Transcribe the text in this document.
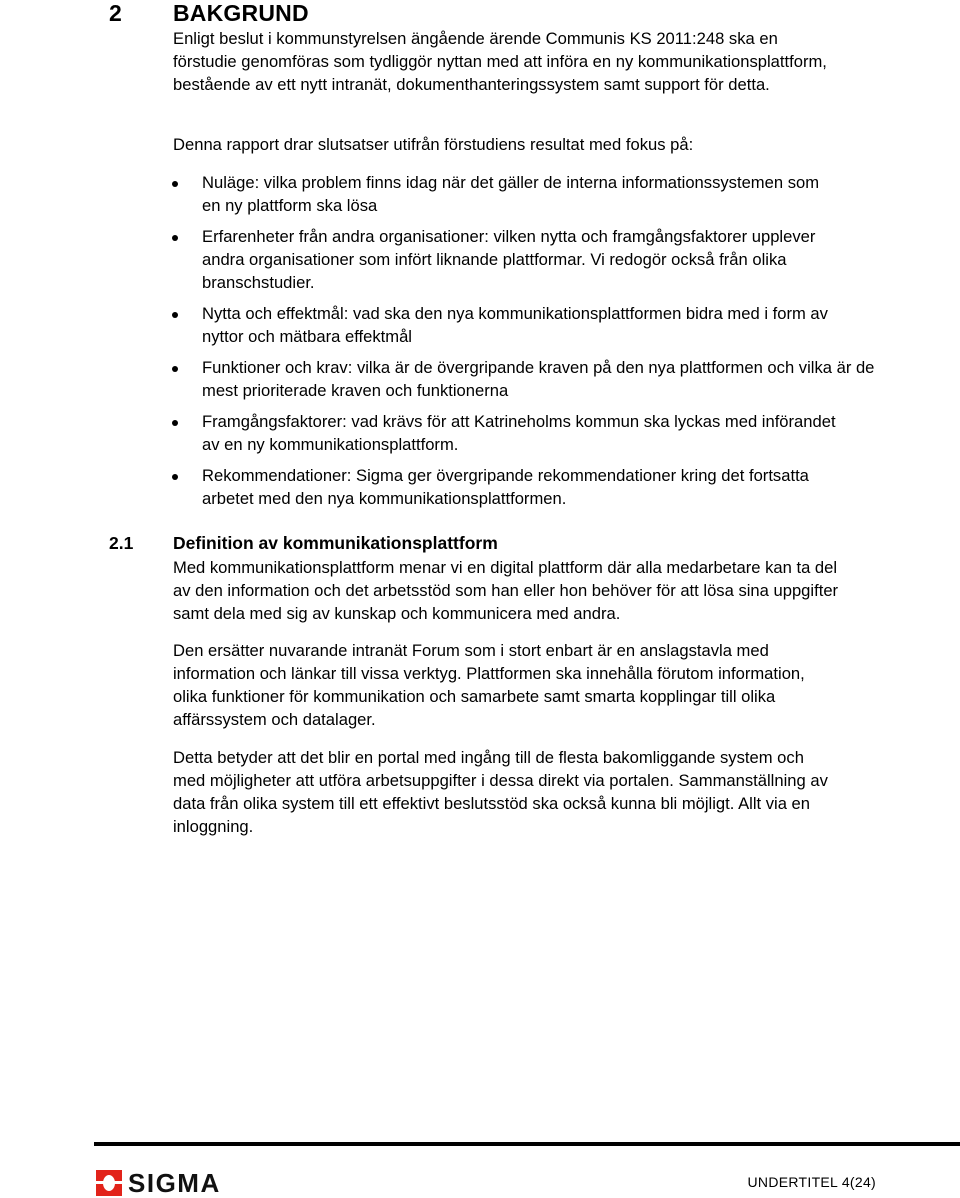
2 BAKGRUND

Enligt beslut i kommunstyrelsen ängående ärende Communis KS 2011:248 ska en förstudie genomföras som tydliggör nyttan med att införa en ny kommunikationsplattform, bestående av ett nytt intranät, dokumenthanteringssystem samt support för detta.

Denna rapport drar slutsatser utifrån förstudiens resultat med fokus på:

Nuläge: vilka problem finns idag när det gäller de interna informationssystemen som en ny plattform ska lösa
Erfarenheter från andra organisationer: vilken nytta och framgångsfaktorer upplever andra organisationer som infört liknande plattformar. Vi redogör också från olika branschstudier.
Nytta och effektmål: vad ska den nya kommunikationsplattformen bidra med i form av nyttor och mätbara effektmål
Funktioner och krav: vilka är de övergripande kraven på den nya plattformen och vilka är de mest prioriterade kraven och funktionerna
Framgångsfaktorer: vad krävs för att Katrineholms kommun ska lyckas med införandet av en ny kommunikationsplattform.
Rekommendationer: Sigma ger övergripande rekommendationer kring det fortsatta arbetet med den nya kommunikationsplattformen.
2.1 Definition av kommunikationsplattform

Med kommunikationsplattform menar vi en digital plattform där alla medarbetare kan ta del av den information och det arbetsstöd som han eller hon behöver för att lösa sina uppgifter samt dela med sig av kunskap och kommunicera med andra.

Den ersätter nuvarande intranät Forum som i stort enbart är en anslagstavla med information och länkar till vissa verktyg. Plattformen ska innehålla förutom information, olika funktioner för kommunikation och samarbete samt smarta kopplingar till olika affärssystem och datalager.

Detta betyder att det blir en portal med ingång till de flesta bakomliggande system och med möjligheter att utföra arbetsuppgifter i dessa direkt via portalen. Sammanställning av data från olika system till ett effektivt beslutsstöd ska också kunna bli möjligt. Allt via en inloggning.

SIGMA	UNDERTITEL 4(24)
